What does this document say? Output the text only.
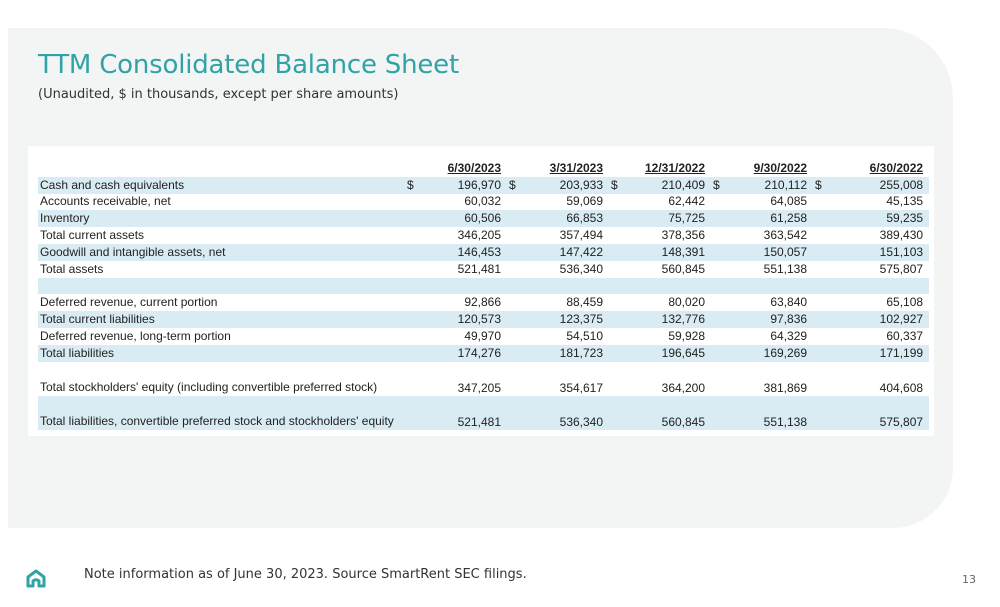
TTM Consolidated Balance Sheet
(Unaudited, $ in thousands, except per share amounts)
	6/30/2023		3/31/2023		12/31/2022		9/30/2022		6/30/2022	
Cash and cash equivalents	$	196,970	$	203,933	$	210,409	$	210,112	$	255,008
Accounts receivable, net		60,032		59,069		62,442		64,085		45,135
Inventory		60,506		66,853		75,725		61,258		59,235
Total current assets		346,205		357,494		378,356		363,542		389,430
Goodwill and intangible assets, net		146,453		147,422		148,391		150,057		151,103
Total assets		521,481		536,340		560,845		551,138		575,807

Deferred revenue, current portion		92,866		88,459		80,020		63,840		65,108
Total current liabilities		120,573		123,375		132,776		97,836		102,927
Deferred revenue, long-term portion		49,970		54,510		59,928		64,329		60,337
Total liabilities		174,276		181,723		196,645		169,269		171,199
Total stockholders' equity (including convertible preferred stock)		347,205		354,617		364,200		381,869		404,608
Total liabilities, convertible preferred stock and stockholders' equity		521,481		536,340		560,845		551,138		575,807
Note information as of June 30, 2023. Source SmartRent SEC filings.	13
